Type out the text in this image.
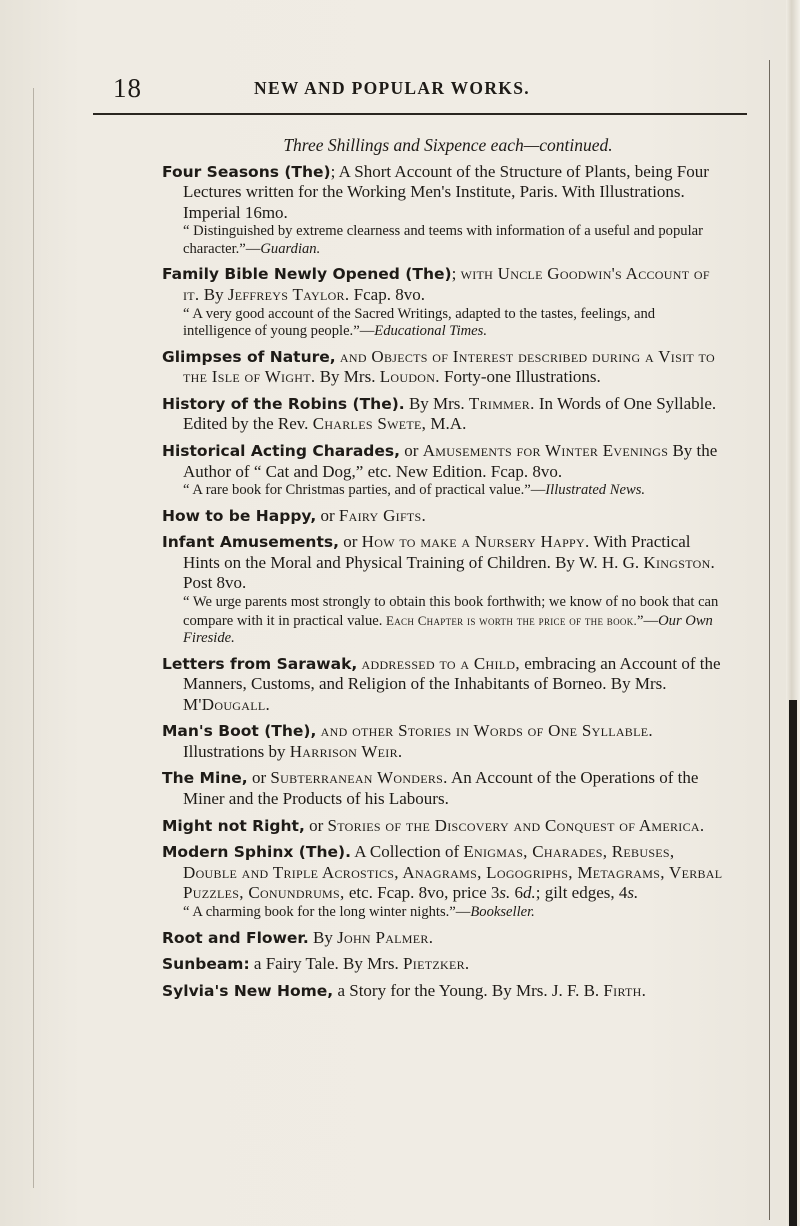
18	NEW AND POPULAR WORKS.
Three Shillings and Sixpence each—continued.
Four Seasons (The); A Short Account of the Structure of Plants, being Four Lectures written for the Working Men's Institute, Paris. With Illustrations. Imperial 16mo.
“ Distinguished by extreme clearness and teems with information of a useful and popular character.”—Guardian.
Family Bible Newly Opened (The); with Uncle Goodwin's Account of it. By Jeffreys Taylor. Fcap. 8vo.
“ A very good account of the Sacred Writings, adapted to the tastes, feelings, and intelligence of young people.”—Educational Times.
Glimpses of Nature, and Objects of Interest described during a Visit to the Isle of Wight. By Mrs. Loudon. Forty-one Illustrations.
History of the Robins (The). By Mrs. Trimmer. In Words of One Syllable. Edited by the Rev. Charles Swete, M.A.
Historical Acting Charades, or Amusements for Winter Evenings By the Author of “ Cat and Dog,” etc. New Edition. Fcap. 8vo.
“ A rare book for Christmas parties, and of practical value.”—Illustrated News.
How to be Happy, or Fairy Gifts.
Infant Amusements, or How to make a Nursery Happy. With Practical Hints on the Moral and Physical Training of Children. By W. H. G. Kingston. Post 8vo.
“ We urge parents most strongly to obtain this book forthwith; we know of no book that can compare with it in practical value. Each Chapter is worth the price of the book.”—Our Own Fireside.
Letters from Sarawak, addressed to a Child, embracing an Account of the Manners, Customs, and Religion of the Inhabitants of Borneo. By Mrs. M'Dougall.
Man's Boot (The), and other Stories in Words of One Syllable. Illustrations by Harrison Weir.
The Mine, or Subterranean Wonders. An Account of the Operations of the Miner and the Products of his Labours.
Might not Right, or Stories of the Discovery and Conquest of America.
Modern Sphinx (The). A Collection of Enigmas, Charades, Rebuses, Double and Triple Acrostics, Anagrams, Logogriphs, Metagrams, Verbal Puzzles, Conundrums, etc. Fcap. 8vo, price 3s. 6d.; gilt edges, 4s.
“ A charming book for the long winter nights.”—Bookseller.
Root and Flower. By John Palmer.
Sunbeam: a Fairy Tale. By Mrs. Pietzker.
Sylvia's New Home, a Story for the Young. By Mrs. J. F. B. Firth.
